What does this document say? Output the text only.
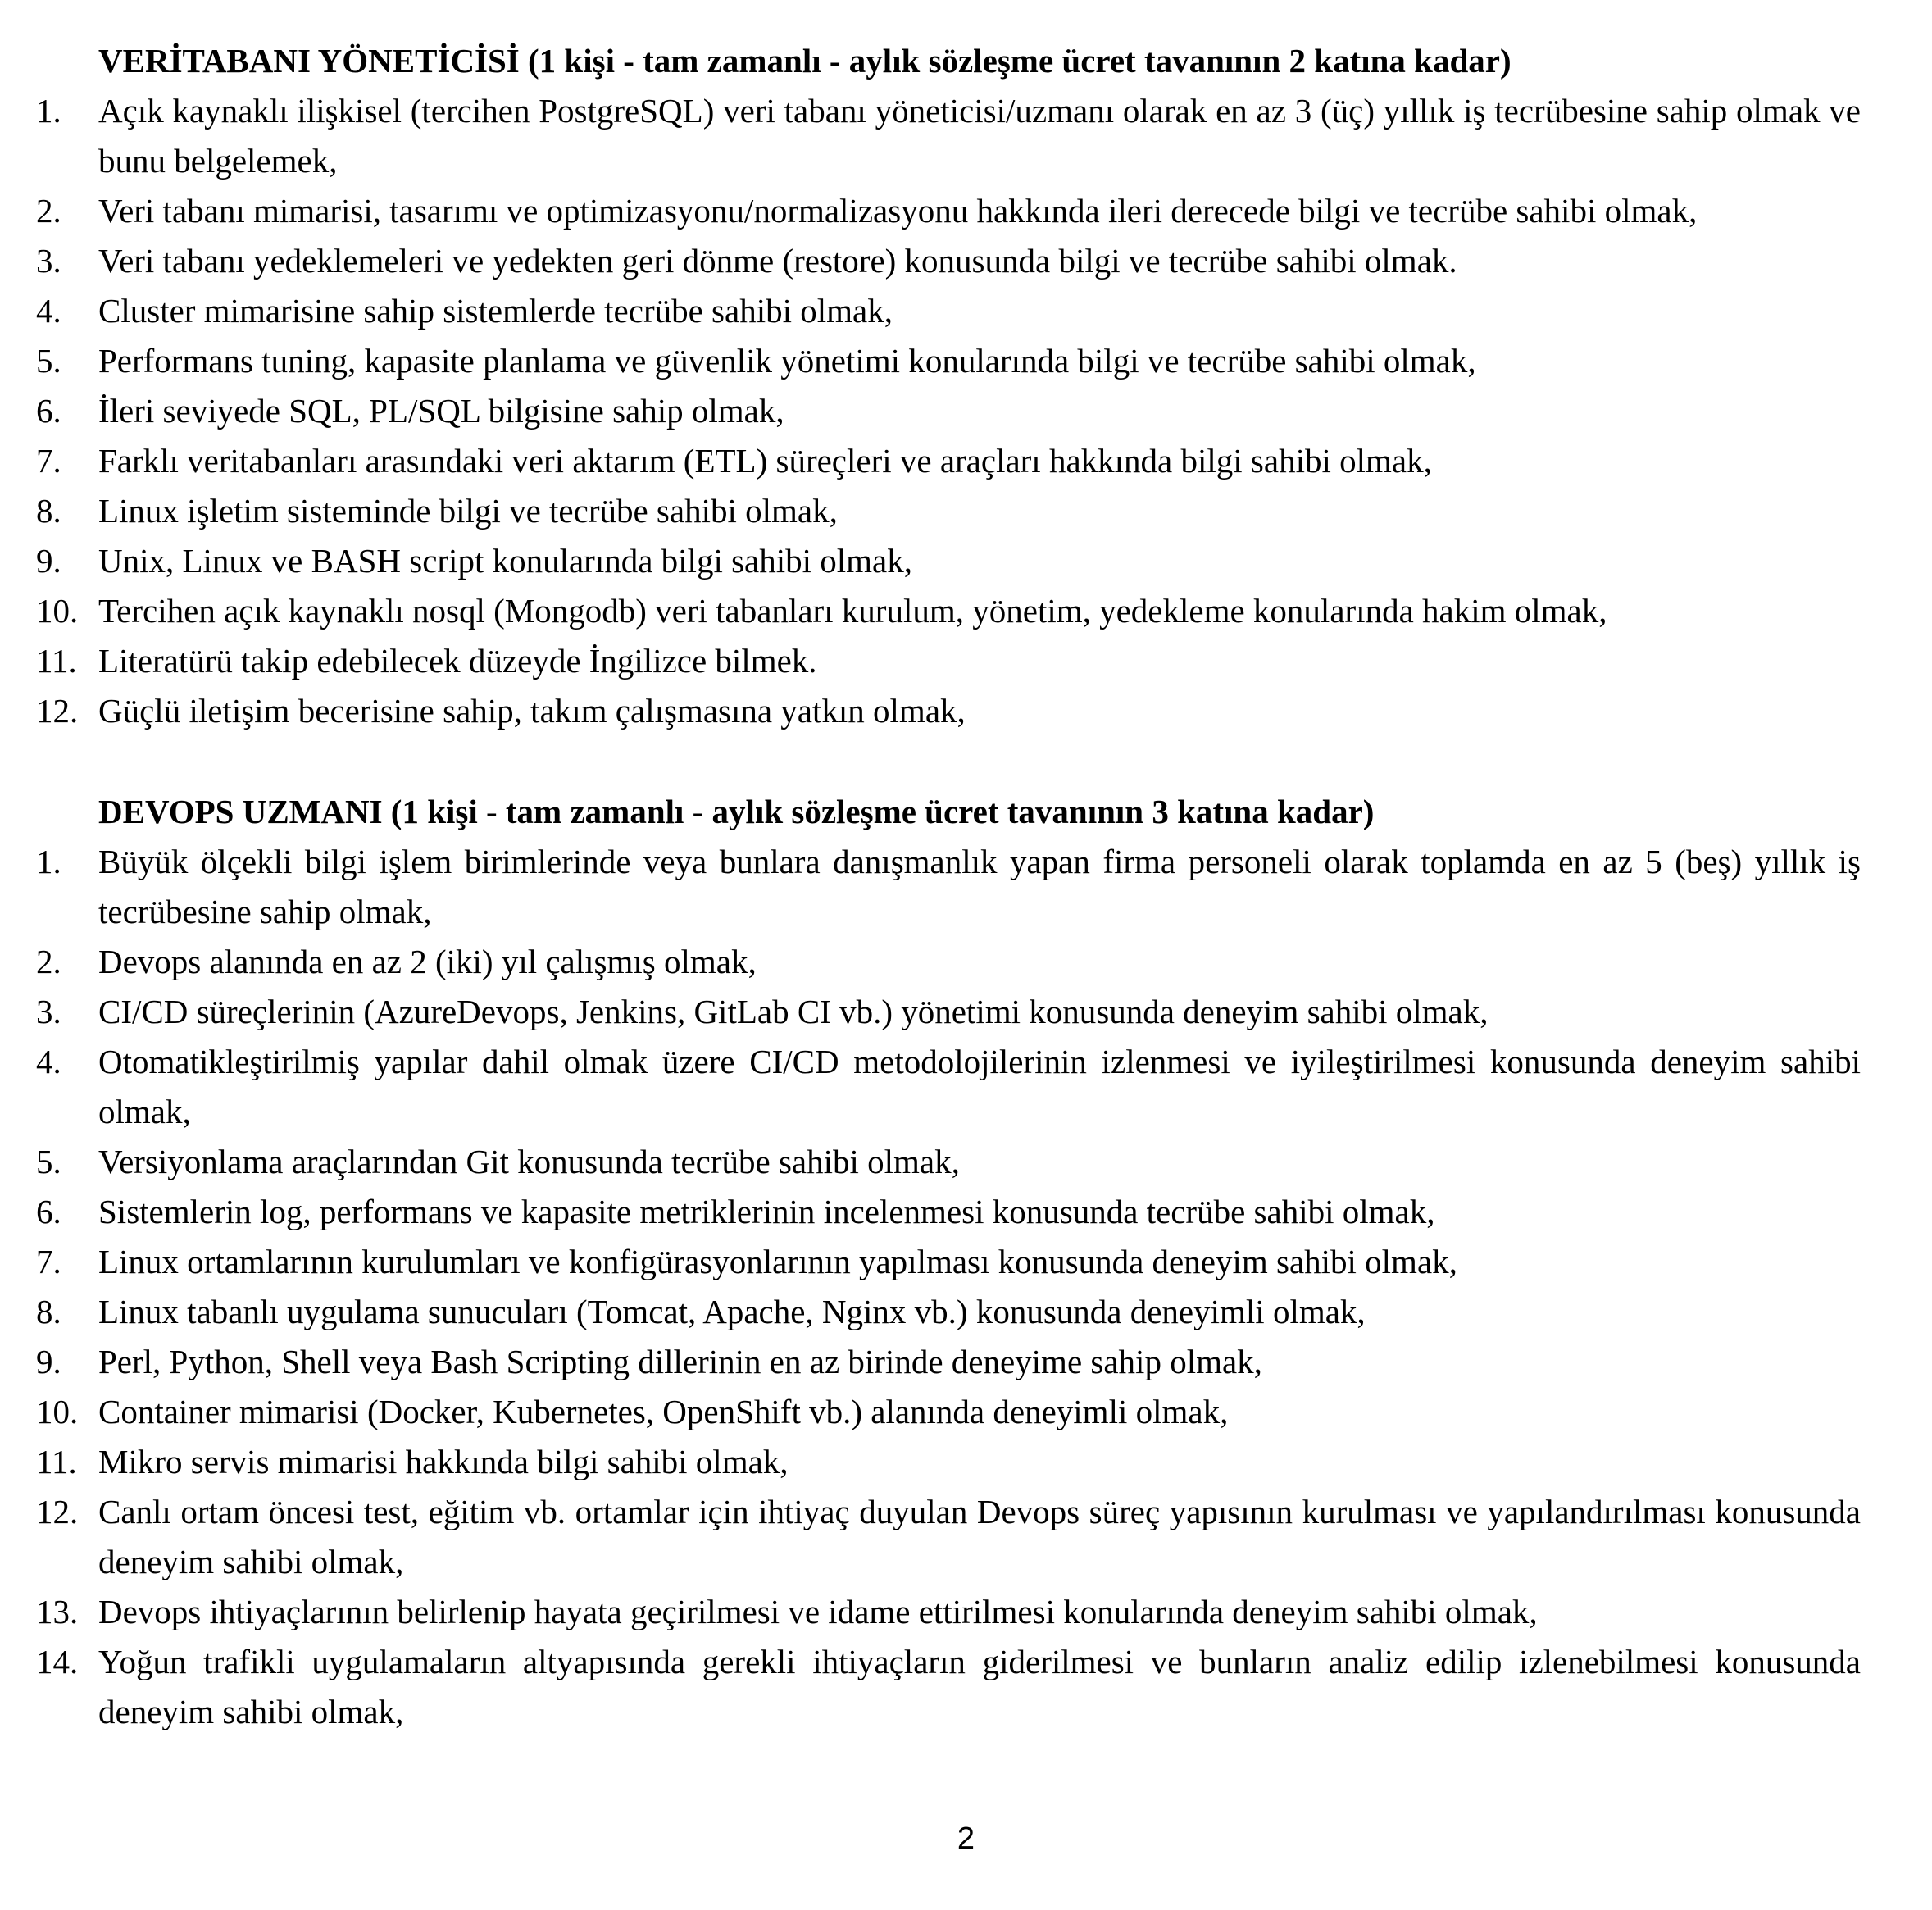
VERİTABANI YÖNETİCİSİ (1 kişi - tam zamanlı - aylık sözleşme ücret tavanının 2 katına kadar)
1. Açık kaynaklı ilişkisel (tercihen PostgreSQL) veri tabanı yöneticisi/uzmanı olarak en az 3 (üç) yıllık iş tecrübesine sahip olmak ve bunu belgelemek,
2. Veri tabanı mimarisi, tasarımı ve optimizasyonu/normalizasyonu hakkında ileri derecede bilgi ve tecrübe sahibi olmak,
3. Veri tabanı yedeklemeleri ve yedekten geri dönme (restore) konusunda bilgi ve tecrübe sahibi olmak.
4. Cluster mimarisine sahip sistemlerde tecrübe sahibi olmak,
5. Performans tuning, kapasite planlama ve güvenlik yönetimi konularında bilgi ve tecrübe sahibi olmak,
6. İleri seviyede SQL, PL/SQL bilgisine sahip olmak,
7. Farklı veritabanları arasındaki veri aktarım (ETL) süreçleri ve araçları hakkında bilgi sahibi olmak,
8. Linux işletim sisteminde bilgi ve tecrübe sahibi olmak,
9. Unix, Linux ve BASH script konularında bilgi sahibi olmak,
10. Tercihen açık kaynaklı nosql (Mongodb) veri tabanları kurulum, yönetim, yedekleme konularında hakim olmak,
11. Literatürü takip edebilecek düzeyde İngilizce bilmek.
12. Güçlü iletişim becerisine sahip, takım çalışmasına yatkın olmak,
DEVOPS UZMANI (1 kişi - tam zamanlı - aylık sözleşme ücret tavanının 3 katına kadar)
1. Büyük ölçekli bilgi işlem birimlerinde veya bunlara danışmanlık yapan firma personeli olarak toplamda en az 5 (beş) yıllık iş tecrübesine sahip olmak,
2. Devops alanında en az 2 (iki) yıl çalışmış olmak,
3. CI/CD süreçlerinin (AzureDevops, Jenkins, GitLab CI vb.) yönetimi konusunda deneyim sahibi olmak,
4. Otomatikleştirilmiş yapılar dahil olmak üzere CI/CD metodolojilerinin izlenmesi ve iyileştirilmesi konusunda deneyim sahibi olmak,
5. Versiyonlama araçlarından Git konusunda tecrübe sahibi olmak,
6. Sistemlerin log, performans ve kapasite metriklerinin incelenmesi konusunda tecrübe sahibi olmak,
7. Linux ortamlarının kurulumları ve konfigürasyonlarının yapılması konusunda deneyim sahibi olmak,
8. Linux tabanlı uygulama sunucuları (Tomcat, Apache, Nginx vb.) konusunda deneyimli olmak,
9. Perl, Python, Shell veya Bash Scripting dillerinin en az birinde deneyime sahip olmak,
10. Container mimarisi (Docker, Kubernetes, OpenShift vb.) alanında deneyimli olmak,
11. Mikro servis mimarisi hakkında bilgi sahibi olmak,
12. Canlı ortam öncesi test, eğitim vb. ortamlar için ihtiyaç duyulan Devops süreç yapısının kurulması ve yapılandırılması konusunda deneyim sahibi olmak,
13. Devops ihtiyaçlarının belirlenip hayata geçirilmesi ve idame ettirilmesi konularında deneyim sahibi olmak,
14. Yoğun trafikli uygulamaların altyapısında gerekli ihtiyaçların giderilmesi ve bunların analiz edilip izlenebilmesi konusunda deneyim sahibi olmak,
2
